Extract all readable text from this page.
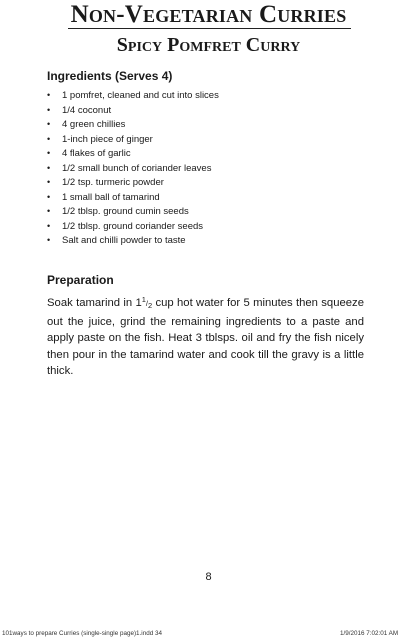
Non-Vegetarian Curries
Spicy Pomfret Curry
Ingredients (Serves 4)
• 1 pomfret, cleaned and cut into slices
• 1/4 coconut
• 4 green chillies
• 1-inch piece of ginger
• 4 flakes of garlic
• 1/2 small bunch of coriander leaves
• 1/2 tsp. turmeric powder
• 1 small ball of tamarind
• 1/2 tblsp. ground cumin seeds
• 1/2 tblsp. ground coriander seeds
• Salt and chilli powder to taste
Preparation
Soak tamarind in 11/2 cup hot water for 5 minutes then squeeze out the juice, grind the remaining ingredients to a paste and apply paste on the fish. Heat 3 tblsps. oil and fry the fish nicely then pour in the tamarind water and cook till the gravy is a little thick.
8
101ways to prepare Curries (single-single page)1.indd 34	1/9/2016 7:02:01 AM
